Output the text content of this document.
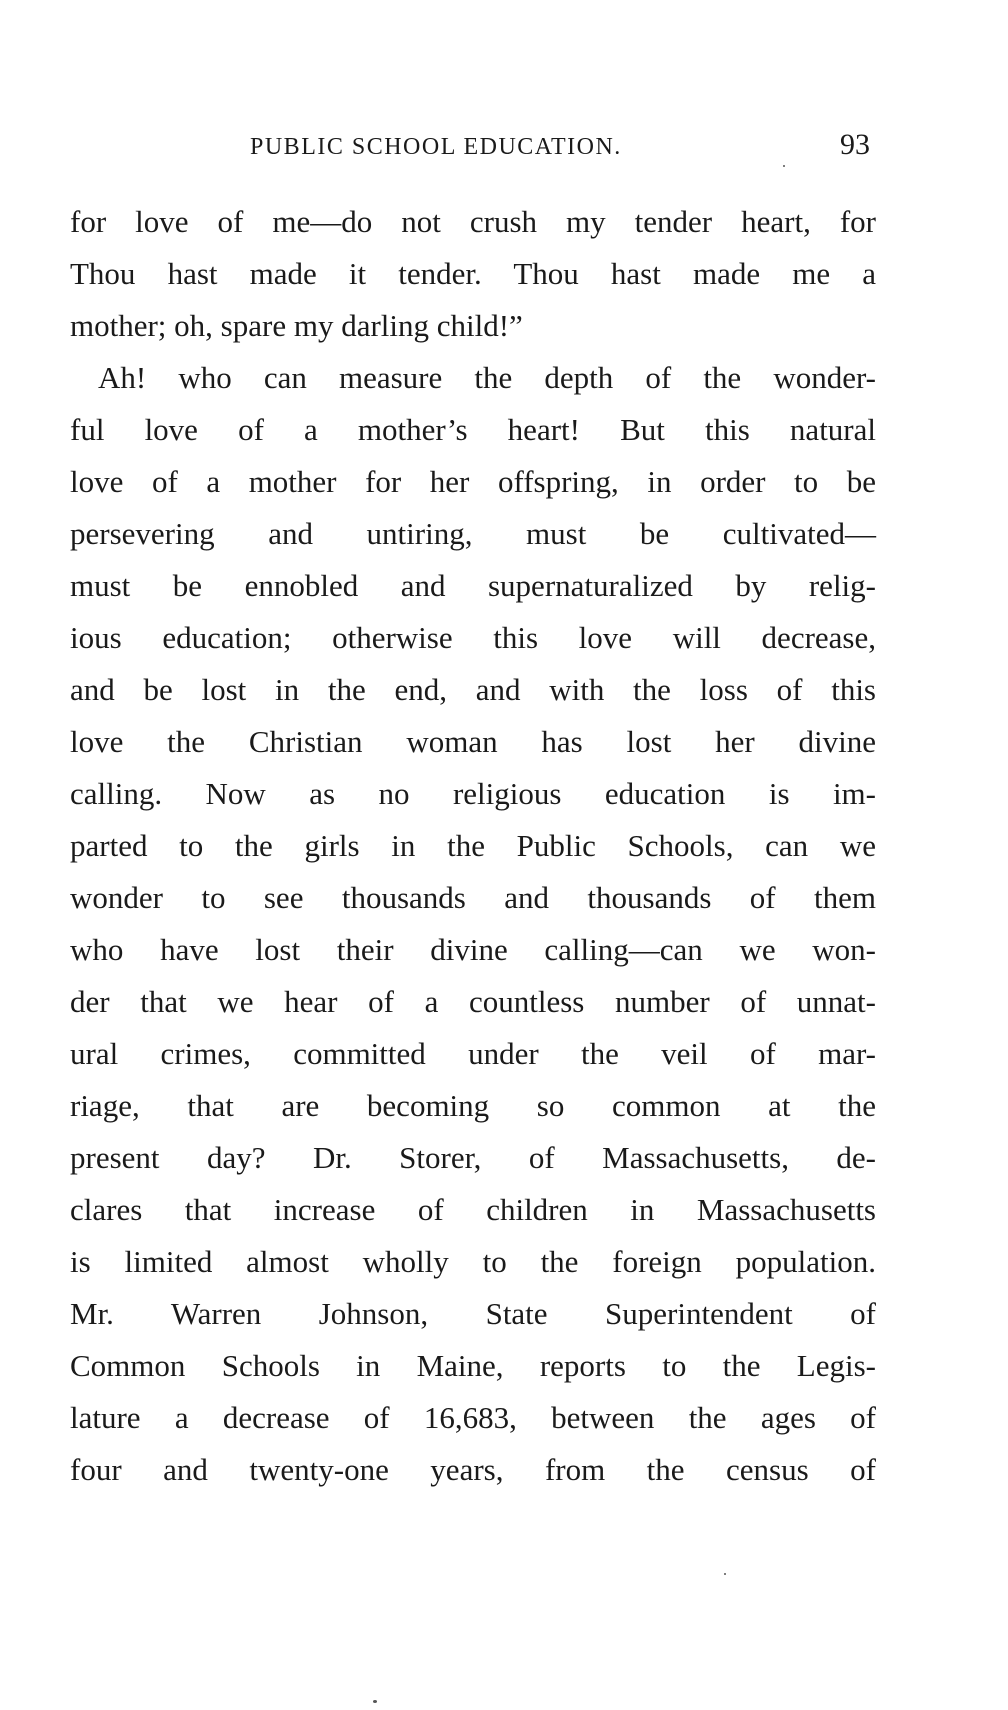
PUBLIC SCHOOL EDUCATION.	93
for love of me—do not crush my tender heart, for
Thou hast made it tender. Thou hast made me a
mother; oh, spare my darling child!”
Ah! who can measure the depth of the wonder-
ful love of a mother’s heart! But this natural
love of a mother for her offspring, in order to be
persevering and untiring, must be cultivated—
must be ennobled and supernaturalized by relig-
ious education; otherwise this love will decrease,
and be lost in the end, and with the loss of this
love the Christian woman has lost her divine
calling. Now as no religious education is im-
parted to the girls in the Public Schools, can we
wonder to see thousands and thousands of them
who have lost their divine calling—can we won-
der that we hear of a countless number of unnat-
ural crimes, committed under the veil of mar-
riage, that are becoming so common at the
present day? Dr. Storer, of Massachusetts, de-
clares that increase of children in Massachusetts
is limited almost wholly to the foreign population.
Mr. Warren Johnson, State Superintendent of
Common Schools in Maine, reports to the Legis-
lature a decrease of 16,683, between the ages of
four and twenty-one years, from the census of
